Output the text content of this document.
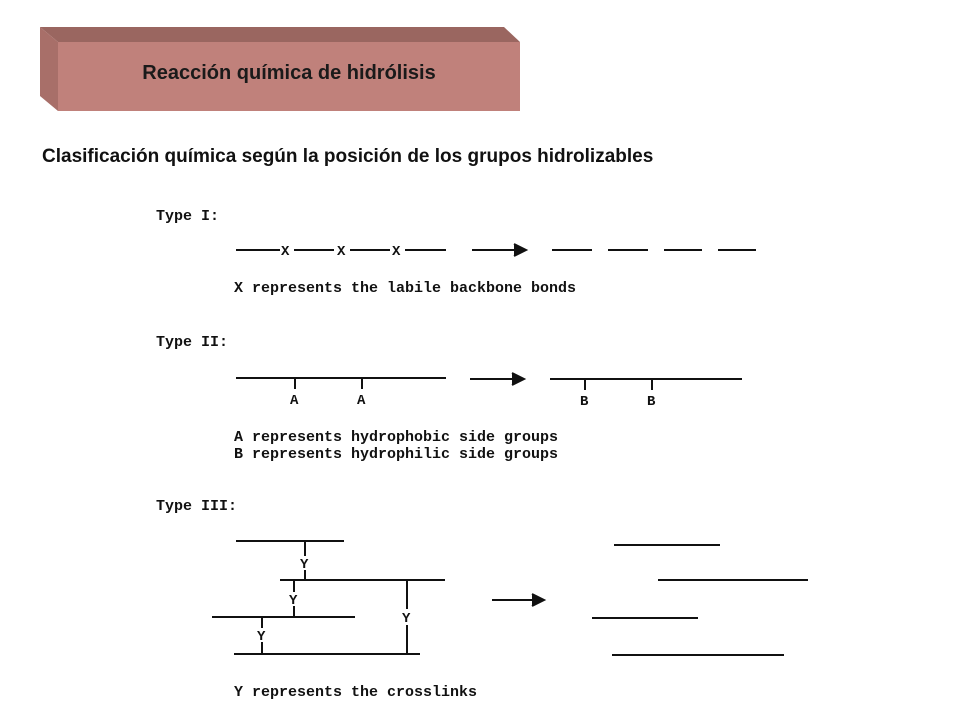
Reacción química de hidrólisis
Clasificación química según la posición de los grupos hidrolizables
Type I:
X	X	X
X represents the labile backbone bonds
Type II:
A	A	B	B
A represents hydrophobic side groups
B represents hydrophilic side groups
Type III:
Y
Y
Y
Y
Y represents the crosslinks
